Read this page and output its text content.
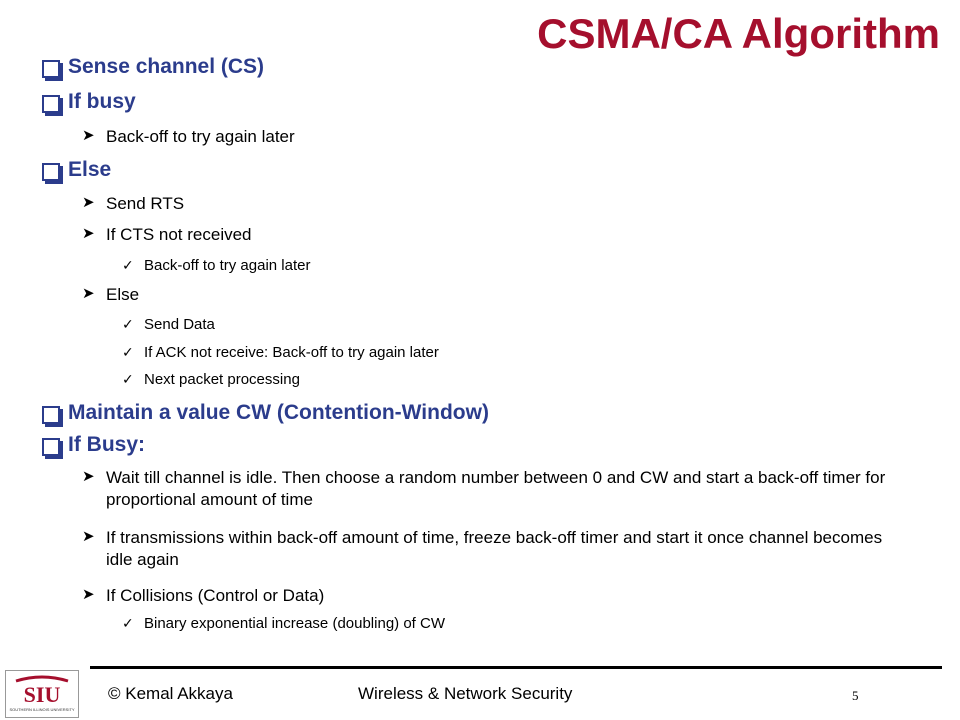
CSMA/CA Algorithm
Sense channel (CS)
If busy
➤ Back-off to try again later
Else
➤ Send RTS
➤ If CTS not received
✓ Back-off to try again later
➤ Else
✓ Send Data
✓ If ACK not receive: Back-off to try again later
✓ Next packet processing
Maintain a value CW (Contention-Window)
If Busy:
➤ Wait till channel is idle. Then choose a random number between 0 and CW and start a back-off timer for proportional amount of time
➤ If transmissions within back-off amount of time, freeze back-off timer and start it once channel becomes idle again
➤ If Collisions (Control or Data)
✓ Binary exponential increase (doubling) of CW
SIU
SOUTHERN ILLINOIS UNIVERSITY
© Kemal Akkaya	Wireless & Network Security	5
